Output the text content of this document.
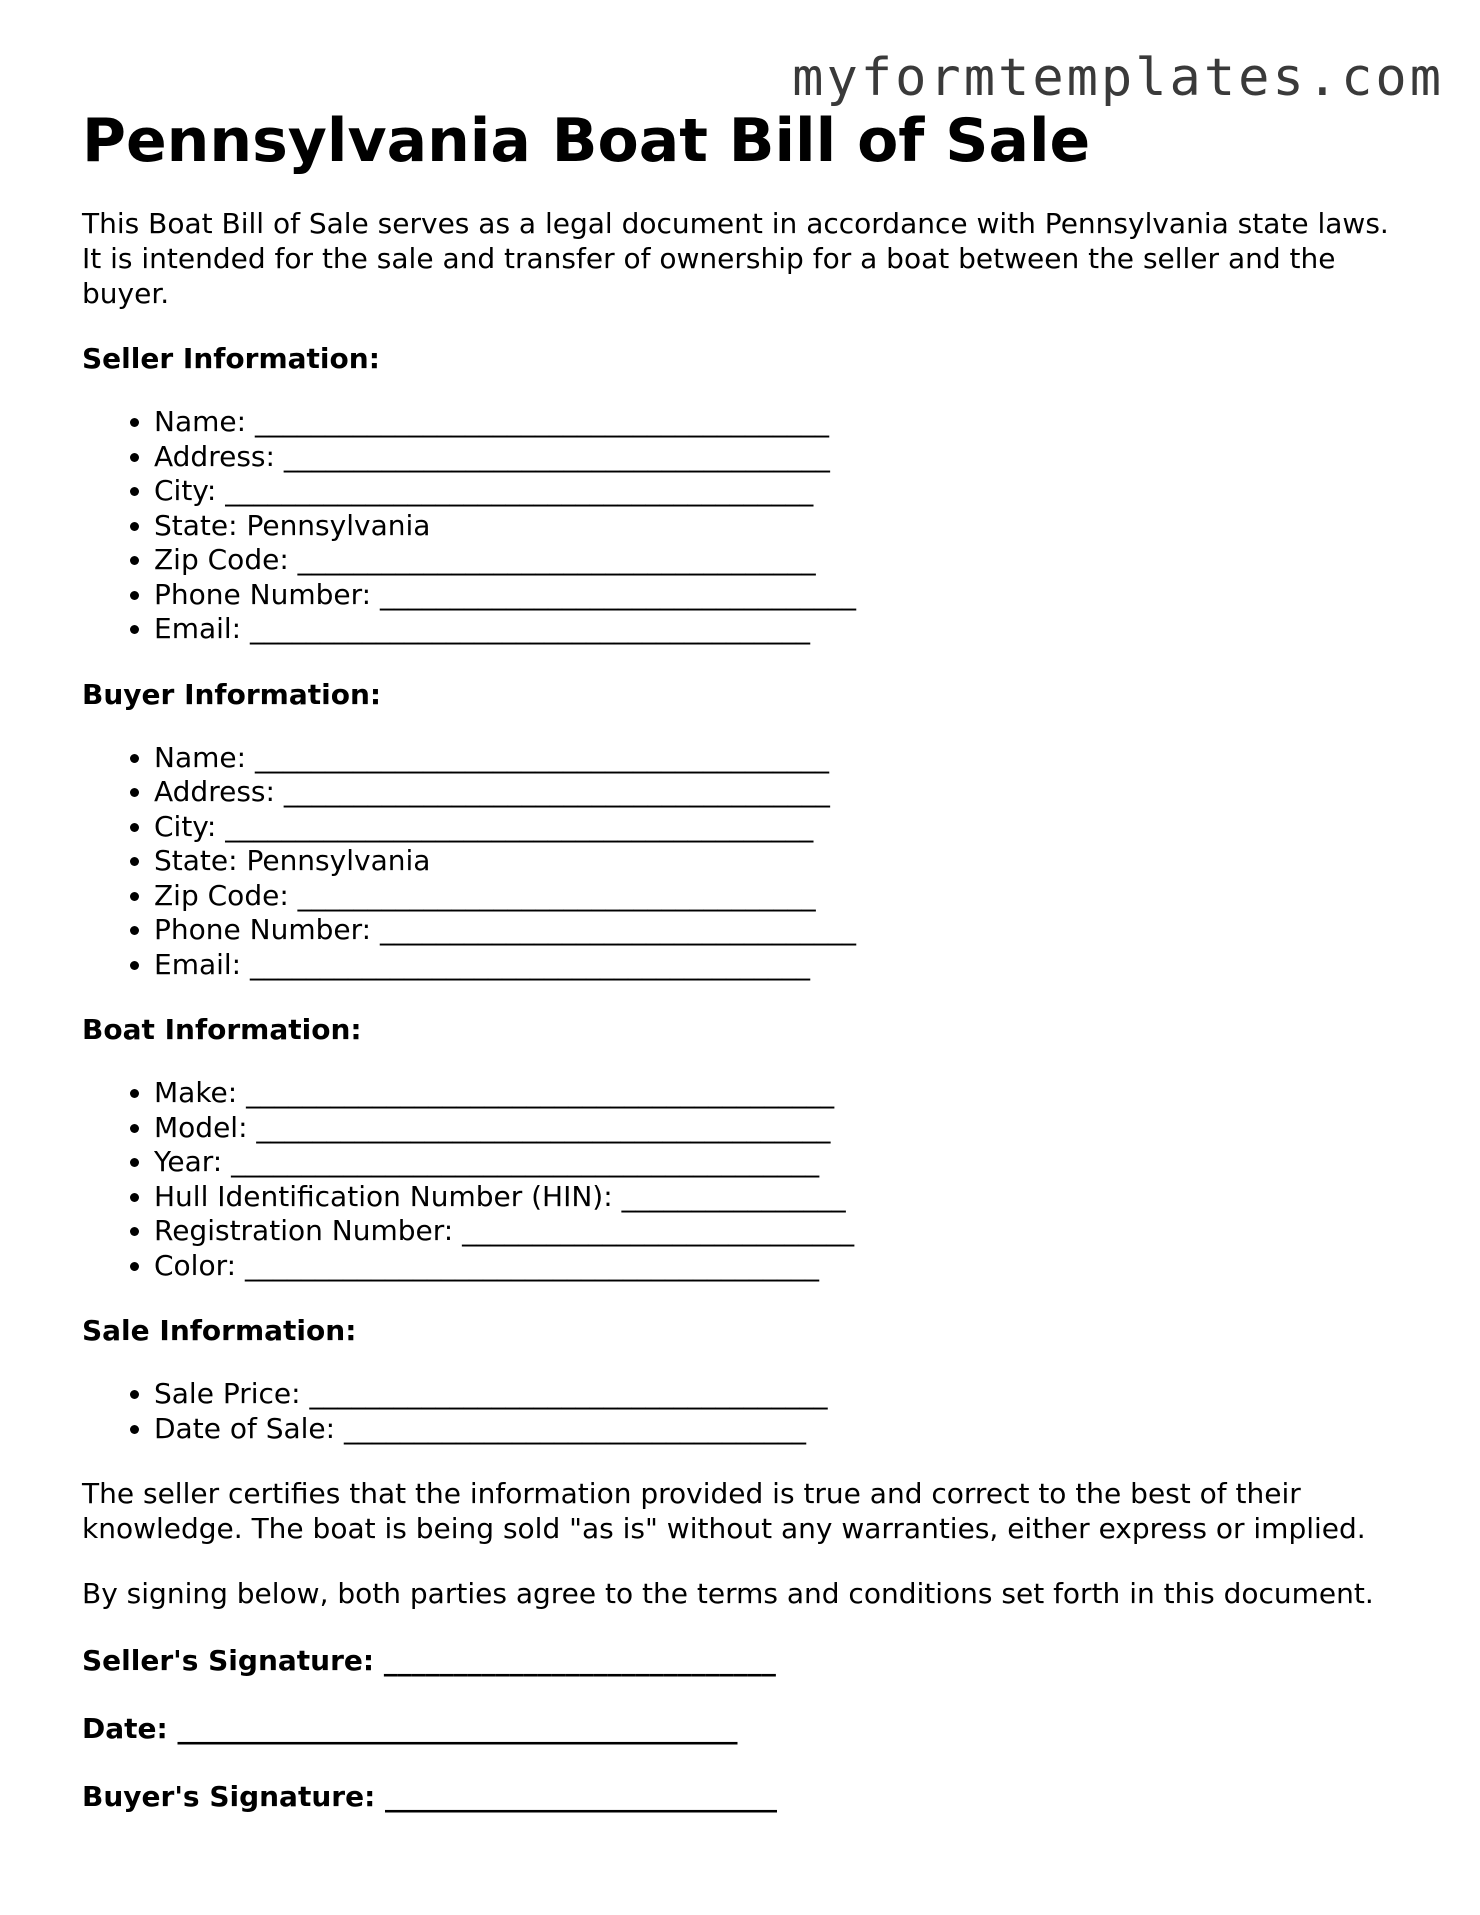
myformtemplates.com
Pennsylvania Boat Bill of Sale

This Boat Bill of Sale serves as a legal document in accordance with Pennsylvania state laws. It is intended for the sale and transfer of ownership for a boat between the seller and the buyer.

Seller Information:

• Name: _________________________________________
• Address: _______________________________________
• City: __________________________________________
• State: Pennsylvania
• Zip Code: _____________________________________
• Phone Number: __________________________________
• Email: ________________________________________

Buyer Information:

• Name: _________________________________________
• Address: _______________________________________
• City: __________________________________________
• State: Pennsylvania
• Zip Code: _____________________________________
• Phone Number: __________________________________
• Email: ________________________________________

Boat Information:

• Make: __________________________________________
• Model: _________________________________________
• Year: __________________________________________
• Hull Identification Number (HIN): ________________
• Registration Number: ____________________________
• Color: _________________________________________

Sale Information:

• Sale Price: _____________________________________
• Date of Sale: _________________________________

The seller certifies that the information provided is true and correct to the best of their knowledge. The boat is being sold "as is" without any warranties, either express or implied.

By signing below, both parties agree to the terms and conditions set forth in this document.

Seller's Signature: ____________________________

Date: ________________________________________

Buyer's Signature: ____________________________
